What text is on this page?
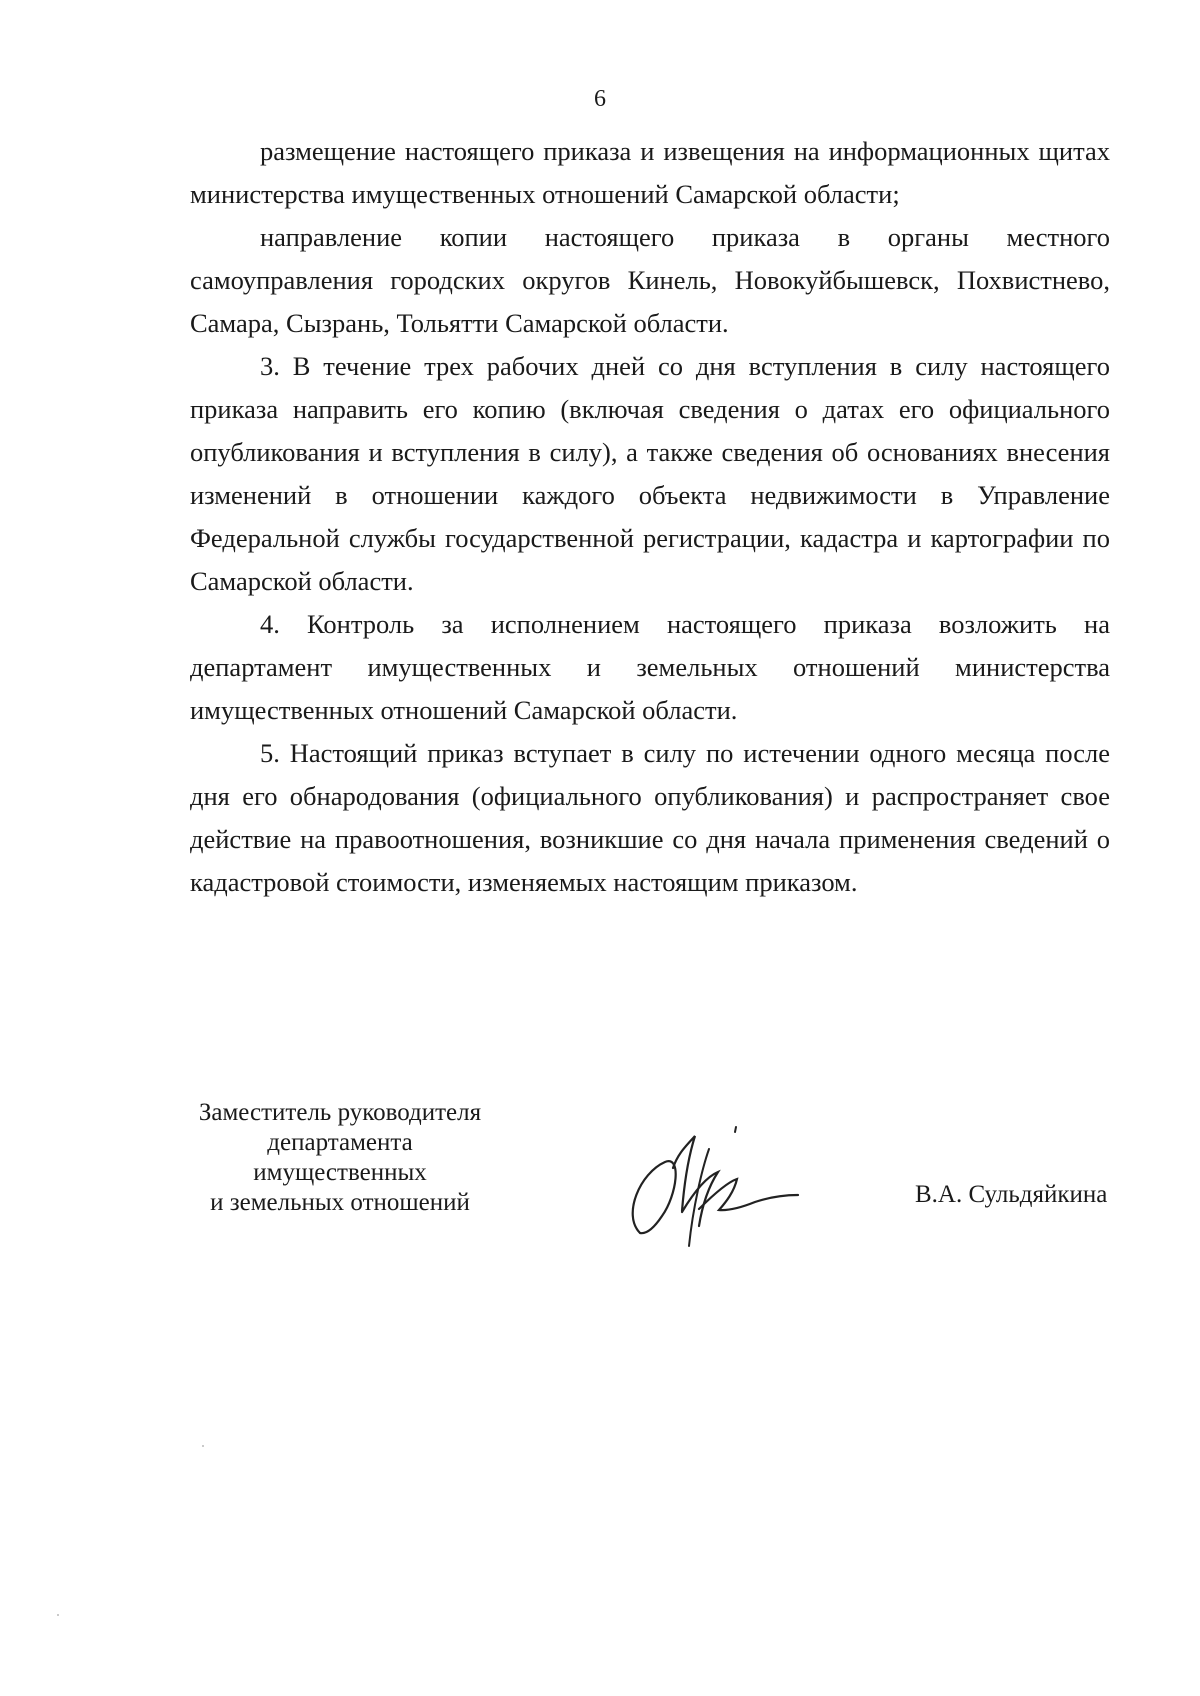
6

размещение настоящего приказа и извещения на информационных щитах министерства имущественных отношений Самарской области;

направление копии настоящего приказа в органы местного самоуправления городских округов Кинель, Новокуйбышевск, Похвистнево, Самара, Сызрань, Тольятти Самарской области.

3. В течение трех рабочих дней со дня вступления в силу настоящего приказа направить его копию (включая сведения о датах его официального опубликования и вступления в силу), а также сведения об основаниях внесения изменений в отношении каждого объекта недвижимости в Управление Федеральной службы государственной регистрации, кадастра и картографии по Самарской области.

4. Контроль за исполнением настоящего приказа возложить на департамент имущественных и земельных отношений министерства имущественных отношений Самарской области.

5. Настоящий приказ вступает в силу по истечении одного месяца после дня его обнародования (официального опубликования) и распространяет свое действие на правоотношения, возникшие со дня начала применения сведений о кадастровой стоимости, изменяемых настоящим приказом.

Заместитель руководителя
департамента
имущественных
и земельных отношений	В.А. Сульдяйкина
